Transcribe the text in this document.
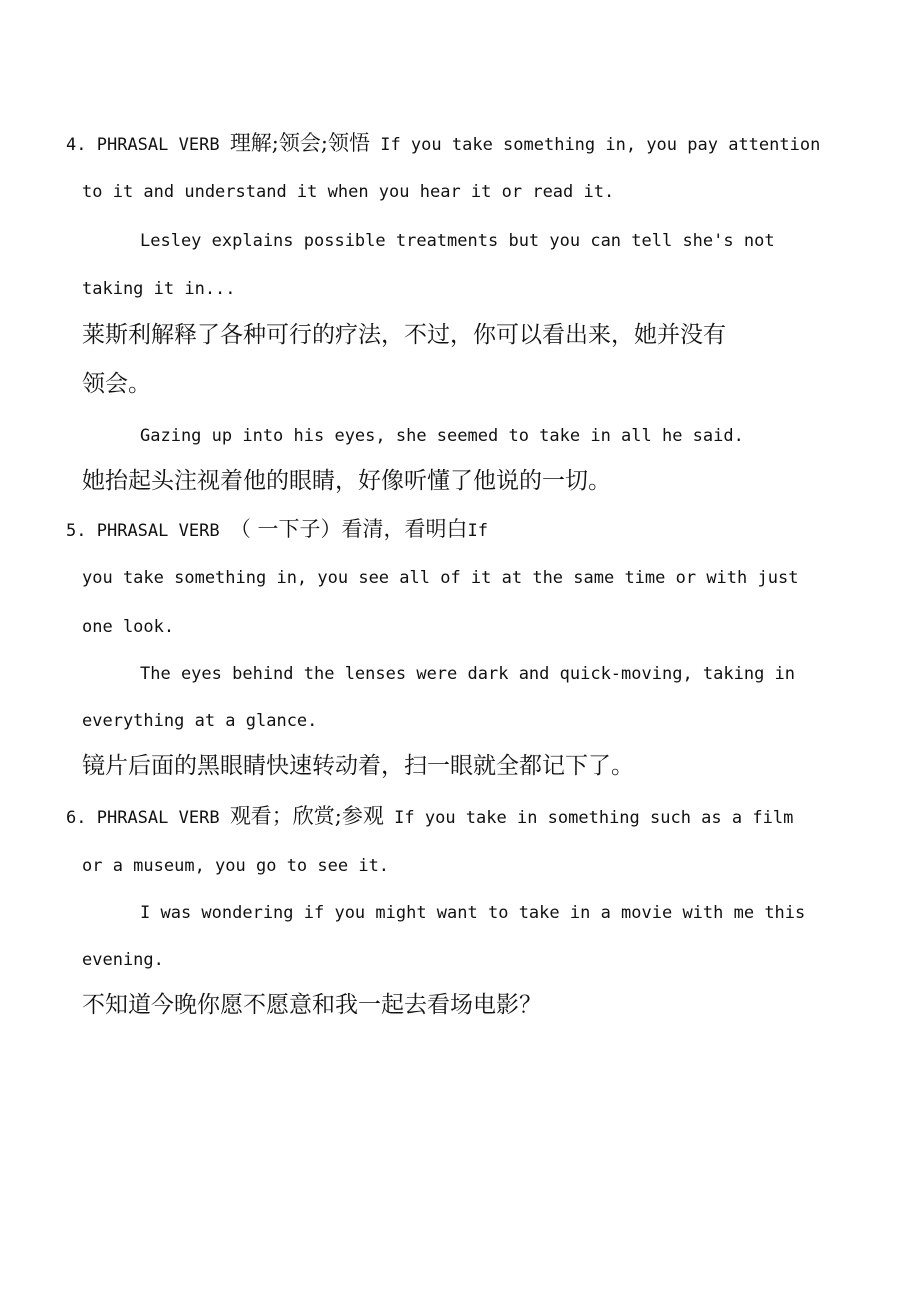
4. PHRASAL VERB 理解;领会;领悟 If you take something in, you pay attention
to it and understand it when you hear it or read it.
Lesley explains possible treatments but you can tell she's not
taking it in...
莱斯利解释了各种可行的疗法，不过，你可以看出来，她并没有
领会。
Gazing up into his eyes, she seemed to take in all he said.
她抬起头注视着他的眼睛，好像听懂了他说的一切。
5. PHRASAL VERB （ 一下子）看清，看明白If
you take something in, you see all of it at the same time or with just
one look.
The eyes behind the lenses were dark and quick-moving, taking in
everything at a glance.
镜片后面的黑眼睛快速转动着，扫一眼就全都记下了。
6. PHRASAL VERB 观看；欣赏;参观 If you take in something such as a film
or a museum, you go to see it.
I was wondering if you might want to take in a movie with me this
evening.
不知道今晚你愿不愿意和我一起去看场电影？
